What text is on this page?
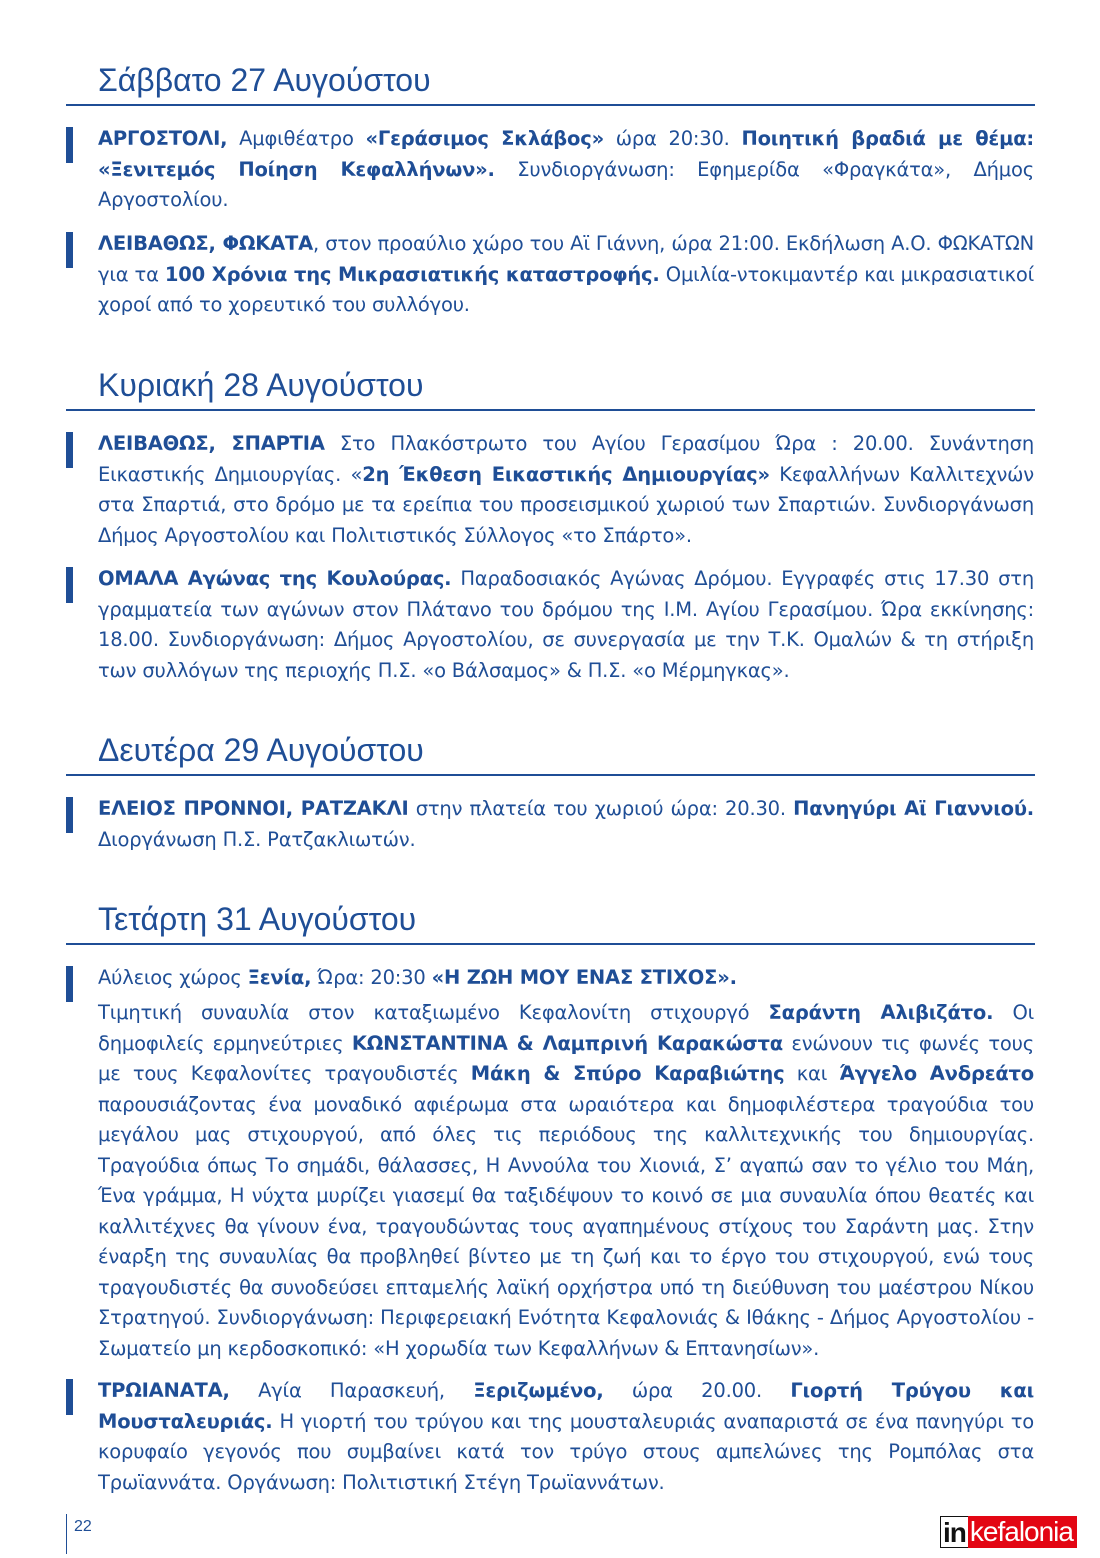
Σάββατο 27 Αυγούστου

ΑΡΓΟΣΤΟΛΙ, Αμφιθέατρο «Γεράσιμος Σκλάβος» ώρα 20:30. Ποιητική βραδιά με θέμα: «Ξενιτεμός Ποίηση Κεφαλλήνων». Συνδιοργάνωση: Εφημερίδα «Φραγκάτα», Δήμος Αργοστολίου.

ΛΕΙΒΑΘΩΣ, ΦΩΚΑΤΑ, στον προαύλιο χώρο του Αϊ Γιάννη, ώρα 21:00. Εκδήλωση Α.Ο. ΦΩΚΑΤΩΝ για τα 100 Χρόνια της Μικρασιατικής καταστροφής. Ομιλία-ντοκιμαντέρ και μικρασιατικοί χοροί από το χορευτικό του συλλόγου.

Κυριακή 28 Αυγούστου

ΛΕΙΒΑΘΩΣ, ΣΠΑΡΤΙΑ Στο Πλακόστρωτο του Αγίου Γερασίμου Ώρα : 20.00. Συνάντηση Εικαστικής Δημιουργίας. «2η Έκθεση Εικαστικής Δημιουργίας» Κεφαλλήνων Καλλιτεχνών στα Σπαρτιά, στο δρόμο με τα ερείπια του προσεισμικού χωριού των Σπαρτιών. Συνδιοργάνωση Δήμος Αργοστολίου και Πολιτιστικός Σύλλογος «το Σπάρτο».

ΟΜΑΛΑ Αγώνας της Κουλούρας. Παραδοσιακός Αγώνας Δρόμου. Εγγραφές στις 17.30 στη γραμματεία των αγώνων στον Πλάτανο του δρόμου της Ι.Μ. Αγίου Γερασίμου. Ώρα εκκίνησης: 18.00. Συνδιοργάνωση: Δήμος Αργοστολίου, σε συνεργασία με την Τ.Κ. Ομαλών & τη στήριξη των συλλόγων της περιοχής Π.Σ. «ο Βάλσαμος» & Π.Σ. «ο Μέρμηγκας».

Δευτέρα 29 Αυγούστου

ΕΛΕΙΟΣ ΠΡΟΝΝΟΙ, ΡΑΤΖΑΚΛΙ στην πλατεία του χωριού ώρα: 20.30. Πανηγύρι Αϊ Γιαννιού. Διοργάνωση Π.Σ. Ρατζακλιωτών.

Τετάρτη 31 Αυγούστου

Αύλειος χώρος Ξενία, Ώρα: 20:30 «Η ΖΩΗ ΜΟΥ ΕΝΑΣ ΣΤΙΧΟΣ».

Τιμητική συναυλία στον καταξιωμένο Κεφαλονίτη στιχουργό Σαράντη Αλιβιζάτο. Οι δημοφιλείς ερμηνεύτριες ΚΩΝΣΤΑΝΤΙΝΑ & Λαμπρινή Καρακώστα ενώνουν τις φωνές τους με τους Κεφαλονίτες τραγουδιστές Μάκη & Σπύρο Καραβιώτης και Άγγελο Ανδρεάτο παρουσιάζοντας ένα μοναδικό αφιέρωμα στα ωραιότερα και δημοφιλέστερα τραγούδια του μεγάλου μας στιχουργού, από όλες τις περιόδους της καλλιτεχνικής του δημιουργίας. Τραγούδια όπως Το σημάδι, θάλασσες, Η Αννούλα του Χιονιά, Σ’ αγαπώ σαν το γέλιο του Μάη, Ένα γράμμα, Η νύχτα μυρίζει γιασεμί θα ταξιδέψουν το κοινό σε μια συναυλία όπου θεατές και καλλιτέχνες θα γίνουν ένα, τραγουδώντας τους αγαπημένους στίχους του Σαράντη μας. Στην έναρξη της συναυλίας θα προβληθεί βίντεο με τη ζωή και το έργο του στιχουργού, ενώ τους τραγουδιστές θα συνοδεύσει επταμελής λαϊκή ορχήστρα υπό τη διεύθυνση του μαέστρου Νίκου Στρατηγού. Συνδιοργάνωση: Περιφερειακή Ενότητα Κεφαλονιάς & Ιθάκης - Δήμος Αργοστολίου - Σωματείο μη κερδοσκοπικό: «Η χορωδία των Κεφαλλήνων & Επτανησίων».

ΤΡΩΙΑΝΑΤΑ, Αγία Παρασκευή, Ξεριζωμένο, ώρα 20.00. Γιορτή Τρύγου και Μουσταλευριάς. Η γιορτή του τρύγου και της μουσταλευριάς αναπαριστά σε ένα πανηγύρι το κορυφαίο γεγονός που συμβαίνει κατά τον τρύγο στους αμπελώνες της Ρομπόλας στα Τρωϊαννάτα. Οργάνωση: Πολιτιστική Στέγη Τρωϊαννάτων.

22	in kefalonia
